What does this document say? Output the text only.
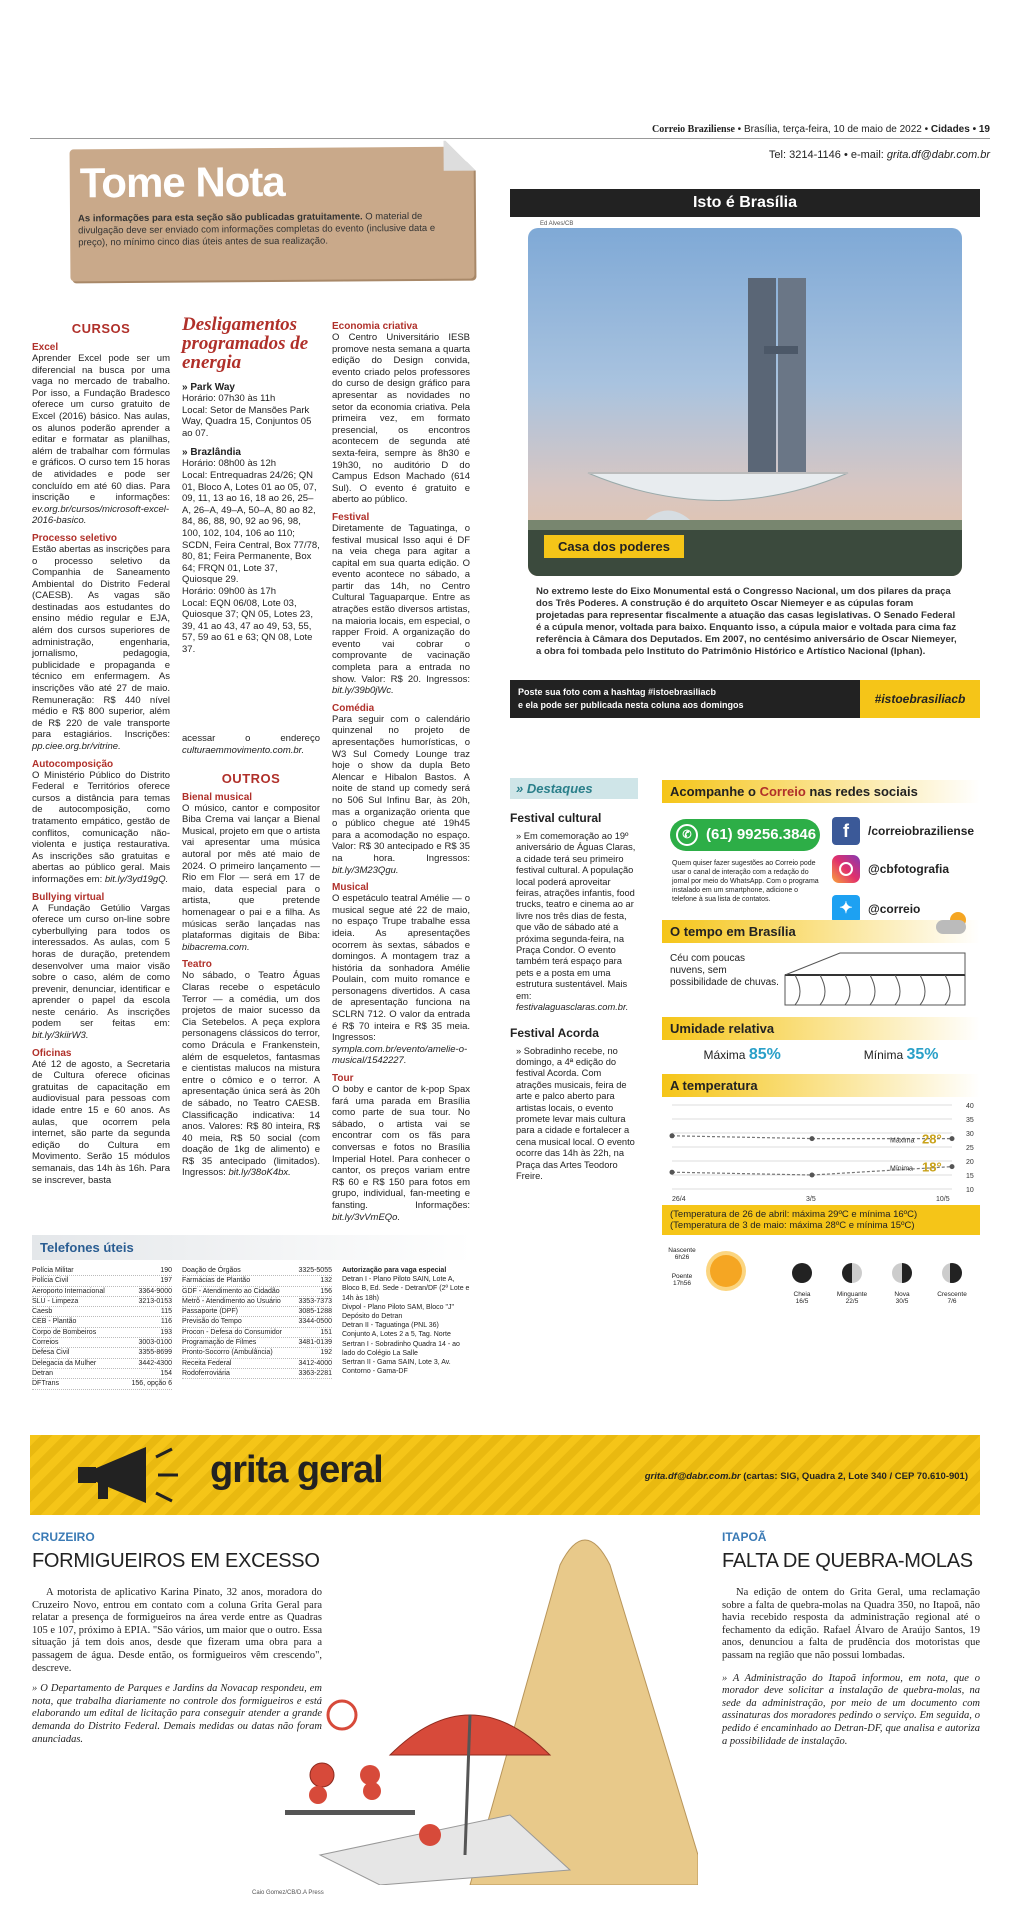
Correio Braziliense • Brasília, terça-feira, 10 de maio de 2022 • Cidades • 19
Tel: 3214-1146 • e-mail: grita.df@dabr.com.br
Tome Nota
As informações para esta seção são publicadas gratuitamente. O material de divulgação deve ser enviado com informações completas do evento (inclusive data e preço), no mínimo cinco dias úteis antes de sua realização.
CURSOS
Excel

Aprender Excel pode ser um diferencial na busca por uma vaga no mercado de trabalho. Por isso, a Fundação Bradesco oferece um curso gratuito de Excel (2016) básico. Nas aulas, os alunos poderão aprender a editar e formatar as planilhas, além de trabalhar com fórmulas e gráficos. O curso tem 15 horas de atividades e pode ser concluído em até 60 dias. Para inscrição e informações: ev.org.br/cursos/microsoft-excel-2016-basico.

Processo seletivo

Estão abertas as inscrições para o processo seletivo da Companhia de Saneamento Ambiental do Distrito Federal (CAESB). As vagas são destinadas aos estudantes do ensino médio regular e EJA, além dos cursos superiores de administração, engenharia, jornalismo, pedagogia, publicidade e propaganda e técnico em enfermagem. As inscrições vão até 27 de maio. Remuneração: R$ 440 nível médio e R$ 800 superior, além de R$ 220 de vale transporte para estagiários. Inscrições: pp.ciee.org.br/vitrine.

Autocomposição

O Ministério Público do Distrito Federal e Territórios oferece cursos a distância para temas de autocomposição, como tratamento empático, gestão de conflitos, comunicação não-violenta e justiça restaurativa. As inscrições são gratuitas e abertas ao público geral. Mais informações em: bit.ly/3yd19gQ.

Bullying virtual

A Fundação Getúlio Vargas oferece um curso on-line sobre cyberbullying para todos os interessados. As aulas, com 5 horas de duração, pretendem desenvolver uma maior visão sobre o caso, além de como prevenir, denunciar, identificar e aprender o papel da escola neste cenário. As inscrições podem ser feitas em: bit.ly/3kiirW3.

Oficinas

Até 12 de agosto, a Secretaria de Cultura oferece oficinas gratuitas de capacitação em audiovisual para pessoas com idade entre 15 e 60 anos. As aulas, que ocorrem pela internet, são parte da segunda edição do Cultura em Movimento. Serão 15 módulos semanais, das 14h às 16h. Para se inscrever, basta

Desligamentos programados de energia
» Park Way

Horário: 07h30 às 11h
Local: Setor de Mansões Park Way, Quadra 15, Conjuntos 05 ao 07.

» Brazlândia

Horário: 08h00 às 12h
Local: Entrequadras 24/26; QN 01, Bloco A, Lotes 01 ao 05, 07, 09, 11, 13 ao 16, 18 ao 26, 25–A, 26–A, 49–A, 50–A, 80 ao 82, 84, 86, 88, 90, 92 ao 96, 98, 100, 102, 104, 106 ao 110; SCDN, Feira Central, Box 77/78, 80, 81; Feira Permanente, Box 64; FRQN 01, Lote 37, Quiosque 29.
Horário: 09h00 às 17h
Local: EQN 06/08, Lote 03, Quiosque 37; QN 05, Lotes 23, 39, 41 ao 43, 47 ao 49, 53, 55, 57, 59 ao 61 e 63; QN 08, Lote 37.

acessar o endereço culturaemmovimento.com.br.

OUTROS
Bienal musical

O músico, cantor e compositor Biba Crema vai lançar a Bienal Musical, projeto em que o artista vai apresentar uma música autoral por mês até maio de 2024. O primeiro lançamento — Rio em Flor — será em 17 de maio, data especial para o artista, que pretende homenagear o pai e a filha. As músicas serão lançadas nas plataformas digitais de Biba: bibacrema.com.

Teatro

No sábado, o Teatro Águas Claras recebe o espetáculo Terror — a comédia, um dos projetos de maior sucesso da Cia Setebelos. A peça explora personagens clássicos do terror, como Drácula e Frankenstein, além de esqueletos, fantasmas e cientistas malucos na mistura entre o cômico e o terror. A apresentação única será às 20h de sábado, no Teatro CAESB. Classificação indicativa: 14 anos. Valores: R$ 80 inteira, R$ 40 meia, R$ 50 social (com doação de 1kg de alimento) e R$ 35 antecipado (limitados). Ingressos: bit.ly/38oK4bx.

Economia criativa

O Centro Universitário IESB promove nesta semana a quarta edição do Design convida, evento criado pelos professores do curso de design gráfico para apresentar as novidades no setor da economia criativa. Pela primeira vez, em formato presencial, os encontros acontecem de segunda até sexta-feira, sempre às 8h30 e 19h30, no auditório D do Campus Edson Machado (614 Sul). O evento é gratuito e aberto ao público.

Festival

Diretamente de Taguatinga, o festival musical Isso aqui é DF na veia chega para agitar a capital em sua quarta edição. O evento acontece no sábado, a partir das 14h, no Centro Cultural Taguaparque. Entre as atrações estão diversos artistas, na maioria locais, em especial, o rapper Froid. A organização do evento vai cobrar o comprovante de vacinação completa para a entrada no show. Valor: R$ 20. Ingressos: bit.ly/39b0jWc.

Comédia

Para seguir com o calendário quinzenal no projeto de apresentações humorísticas, o W3 Sul Comedy Lounge traz hoje o show da dupla Beto Alencar e Hibalon Bastos. A noite de stand up comedy será no 506 Sul Infinu Bar, às 20h, mas a organização orienta que o público chegue até 19h45 para a acomodação no espaço. Valor: R$ 30 antecipado e R$ 35 na hora. Ingressos: bit.ly/3M23Qgu.

Musical

O espetáculo teatral Amélie — o musical segue até 22 de maio, no espaço Trupe trabalhe essa ideia. As apresentações ocorrem às sextas, sábados e domingos. A montagem traz a história da sonhadora Amélie Poulain, com muito romance e personagens divertidos. A casa de apresentação funciona na SCLRN 712. O valor da entrada é R$ 70 inteira e R$ 35 meia. Ingressos: sympla.com.br/evento/amelie-o-musical/1542227.

Tour

O boby e cantor de k-pop Spax fará uma parada em Brasília como parte de sua tour. No sábado, o artista vai se encontrar com os fãs para conversas e fotos no Brasília Imperial Hotel. Para conhecer o cantor, os preços variam entre R$ 60 e R$ 150 para fotos em grupo, individual, fan-meeting e fansting. Informações: bit.ly/3vVmEQo.

Telefones úteis
Polícia Militar	190
Polícia Civil	197
Aeroporto Internacional	3364-9000
SLU - Limpeza	3213-0153
Caesb	115
CEB - Plantão	116
Corpo de Bombeiros	193
Correios	3003-0100
Defesa Civil	3355-8699
Delegacia da Mulher	3442-4300
Detran	154
DFTrans	156, opção 6
Doação de Órgãos	3325-5055
Farmácias de Plantão	132
GDF - Atendimento ao Cidadão	156
Metrô - Atendimento ao Usuário	3353-7373
Passaporte (DPF)	3085-1288
Previsão do Tempo	3344-0500
Procon - Defesa do Consumidor	151
Programação de Filmes	3481-0139
Pronto-Socorro (Ambulância)	192
Receita Federal	3412-4000
Rodoferroviária	3363-2281
Autorização para vaga especial
Detran I - Plano Piloto SAIN, Lote A, Bloco B, Ed. Sede - Detran/DF (2º Lote e 14h às 18h)
Divpol - Plano Piloto SAM, Bloco "J" Depósito do Detran
Detran II - Taguatinga (PNL 36)
Conjunto A, Lotes 2 a 5, Tag. Norte
Sertran I - Sobradinho Quadra 14 - ao lado do Colégio La Salle
Sertran II - Gama SAIN, Lote 3, Av. Contorno - Gama-DF
Isto é Brasília
Ed Alves/CB
Casa dos poderes

No extremo leste do Eixo Monumental está o Congresso Nacional, um dos pilares da praça dos Três Poderes. A construção é do arquiteto Oscar Niemeyer e as cúpulas foram projetadas para representar fiscalmente a atuação das casas legislativas. O Senado Federal é a cúpula menor, voltada para baixo. Enquanto isso, a cúpula maior e voltada para cima faz referência à Câmara dos Deputados. Em 2007, no centésimo aniversário de Oscar Niemeyer, a obra foi tombada pelo Instituto do Patrimônio Histórico e Artístico Nacional (Iphan).

Poste sua foto com a hashtag #istoebrasiliacb
e ela pode ser publicada nesta coluna aos domingos	#istoebrasiliacb
» Destaques
Festival cultural

» Em comemoração ao 19º aniversário de Águas Claras, a cidade terá seu primeiro festival cultural. A população local poderá aproveitar feiras, atrações infantis, food trucks, teatro e cinema ao ar livre nos três dias de festa, que vão de sábado até a próxima segunda-feira, na Praça Condor. O evento também terá espaço para pets e a posta em uma estrutura sustentável. Mais em: festivalaguasclaras.com.br.

Festival Acorda

» Sobradinho recebe, no domingo, a 4ª edição do festival Acorda. Com atrações musicais, feira de arte e palco aberto para artistas locais, o evento promete levar mais cultura para a cidade e fortalecer a cena musical local. O evento ocorre das 14h às 22h, na Praça das Artes Teodoro Freire.

Acompanhe o Correio nas redes sociais
✆ (61) 99256.3846

Quem quiser fazer sugestões ao Correio pode usar o canal de interação com a redação do jornal por meio do WhatsApp. Com o programa instalado em um smartphone, adicione o telefone à sua lista de contatos.

f	/correiobraziliense
@cbfotografia
✦	@correio
O tempo em Brasília

Céu com poucas nuvens, sem possibilidade de chuvas.

Umidade relativa
Máxima 85%	Mínima 35%
A temperatura
40
35
30
25
20
15
10
26/4	3/5	10/5
Máxima 28°
Mínima 18°
(Temperatura de 26 de abril: máxima 29ºC e mínima 16ºC)
(Temperatura de 3 de maio: máxima 28ºC e mínima 15ºC)
Nascente
6h26
Poente
17h56
Cheia
16/5
Minguante
22/5
Nova
30/5
Crescente
7/6
grita geral	grita.df@dabr.com.br (cartas: SIG, Quadra 2, Lote 340 / CEP 70.610-901)
CRUZEIRO
FORMIGUEIROS EM EXCESSO

A motorista de aplicativo Karina Pinato, 32 anos, moradora do Cruzeiro Novo, entrou em contato com a coluna Grita Geral para relatar a presença de formigueiros na área verde entre as Quadras 105 e 107, próximo à EPIA. "São vários, um maior que o outro. Essa situação já tem dois anos, desde que fizeram uma obra para a passagem de água. Desde então, os formigueiros vêm crescendo", descreve.

» O Departamento de Parques e Jardins da Novacap respondeu, em nota, que trabalha diariamente no controle dos formigueiros e está elaborando um edital de licitação para conseguir atender a grande demanda do Distrito Federal. Demais medidas ou datas não foram anunciadas.

Caio Gomez/CB/D.A Press
ITAPOÃ
FALTA DE QUEBRA-MOLAS

Na edição de ontem do Grita Geral, uma reclamação sobre a falta de quebra-molas na Quadra 350, no Itapoã, não havia recebido resposta da administração regional até o fechamento da edição. Rafael Álvaro de Araújo Santos, 19 anos, denunciou a falta de prudência dos motoristas que passam na região que não possui lombadas.

» A Administração do Itapoã informou, em nota, que o morador deve solicitar a instalação de quebra-molas, na sede da administração, por meio de um documento com assinaturas dos moradores pedindo o serviço. Em seguida, o pedido é encaminhado ao Detran-DF, que analisa e autoriza a possibilidade de instalação.
